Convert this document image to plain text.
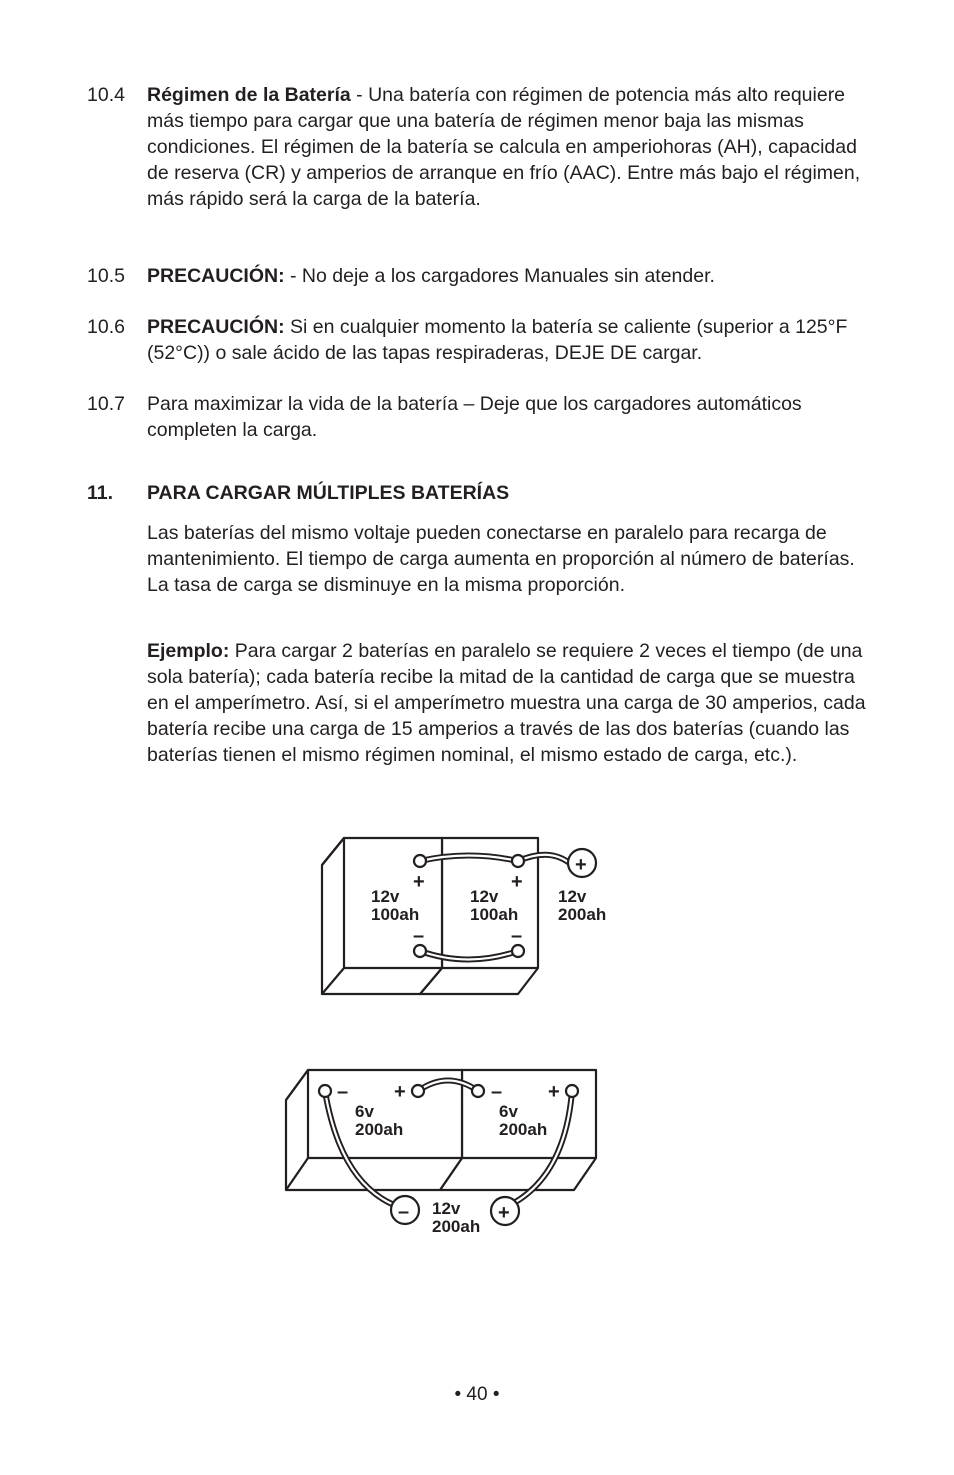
10.4	Régimen de la Batería - Una batería con régimen de potencia más alto requiere más tiempo para cargar que una batería de régimen menor baja las mismas condiciones. El régimen de la batería se calcula en amperiohoras (AH), capacidad de reserva (CR) y amperios de arranque en frío (AAC). Entre más bajo el régimen, más rápido será la carga de la batería.
10.5	PRECAUCIÓN: - No deje a los cargadores Manuales sin atender.
10.6	PRECAUCIÓN: Si en cualquier momento la batería se caliente (superior a 125°F (52°C)) o sale ácido de las tapas respiraderas, DEJE DE cargar.
10.7	Para maximizar la vida de la batería – Deje que los cargadores automáticos completen la carga.
11. PARA CARGAR MÚLTIPLES BATERÍAS
Las baterías del mismo voltaje pueden conectarse en paralelo para recarga de mantenimiento. El tiempo de carga aumenta en proporción al número de baterías. La tasa de carga se disminuye en la misma proporción.
Ejemplo: Para cargar 2 baterías en paralelo se requiere 2 veces el tiempo (de una sola batería); cada batería recibe la mitad de la cantidad de carga que se muestra en el amperímetro. Así, si el amperímetro muestra una carga de 30 amperios, cada batería recibe una carga de 15 amperios a través de las dos baterías (cuando las baterías tienen el mismo régimen nominal, el mismo estado de carga, etc.).
+
+	+
–	–
12v
100ah
12v
100ah
12v
200ah
– +	– +
–	+
6v
200ah
6v
200ah
12v
200ah
• 40 •
